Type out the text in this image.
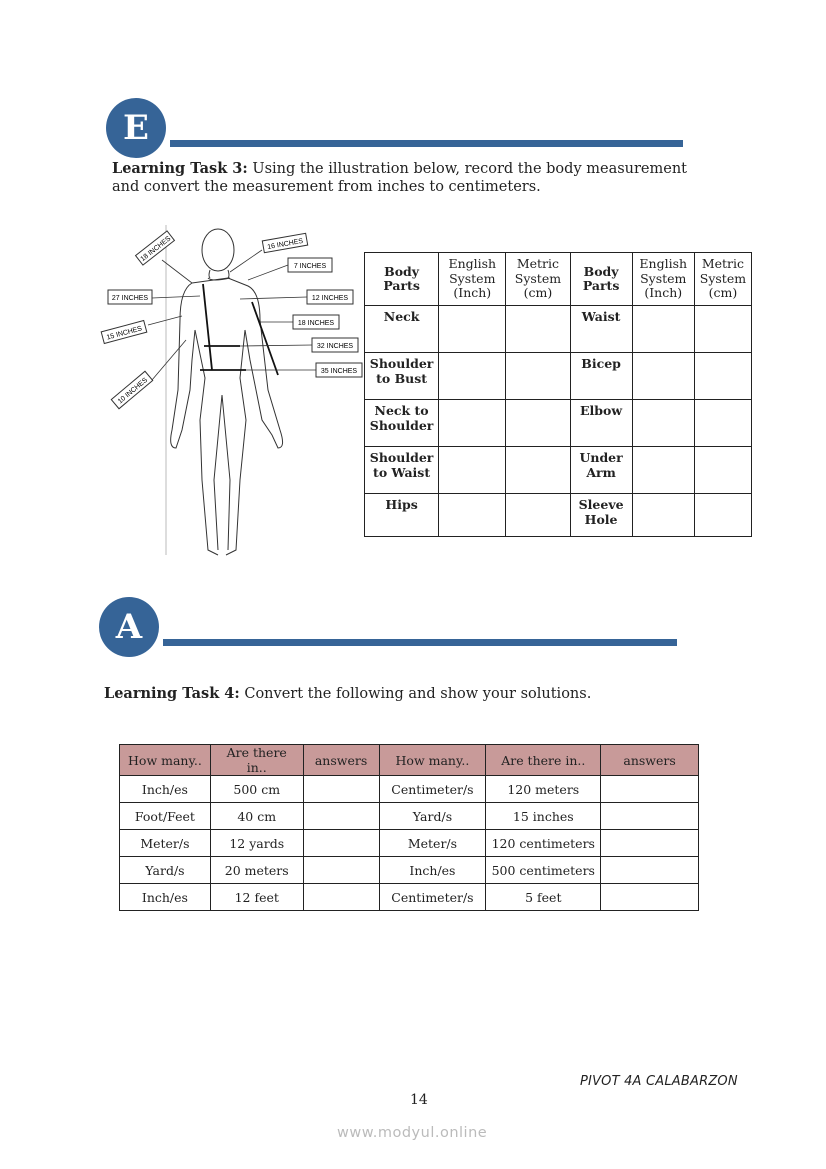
E
Learning Task 3: Using the illustration below, record the body measurement and convert the measurement from inches to centimeters.
18 INCHES	16 INCHES
7 INCHES
27 INCHES	12 INCHES
15 INCHES
18 INCHES
32 INCHES
35 INCHES
10 INCHES
Body Parts	English System (Inch)	Metric System (cm)	Body Parts	English System (Inch)	Metric System (cm)
Neck			Waist		
Shoulder to Bust			Bicep		
Neck to Shoulder			Elbow		
Shoulder to Waist			Under Arm		
Hips			Sleeve Hole		
A
Learning Task 4: Convert the following and show your solutions.
How many..	Are there in..	answers	How many..	Are there in..	answers
Inch/es	500 cm		Centimeter/s	120 meters	
Foot/Feet	40 cm		Yard/s	15 inches	
Meter/s	12 yards		Meter/s	120 centimeters	
Yard/s	20 meters		Inch/es	500 centimeters	
Inch/es	12 feet		Centimeter/s	5 feet	
PIVOT 4A CALABARZON
14
www.modyul.online
